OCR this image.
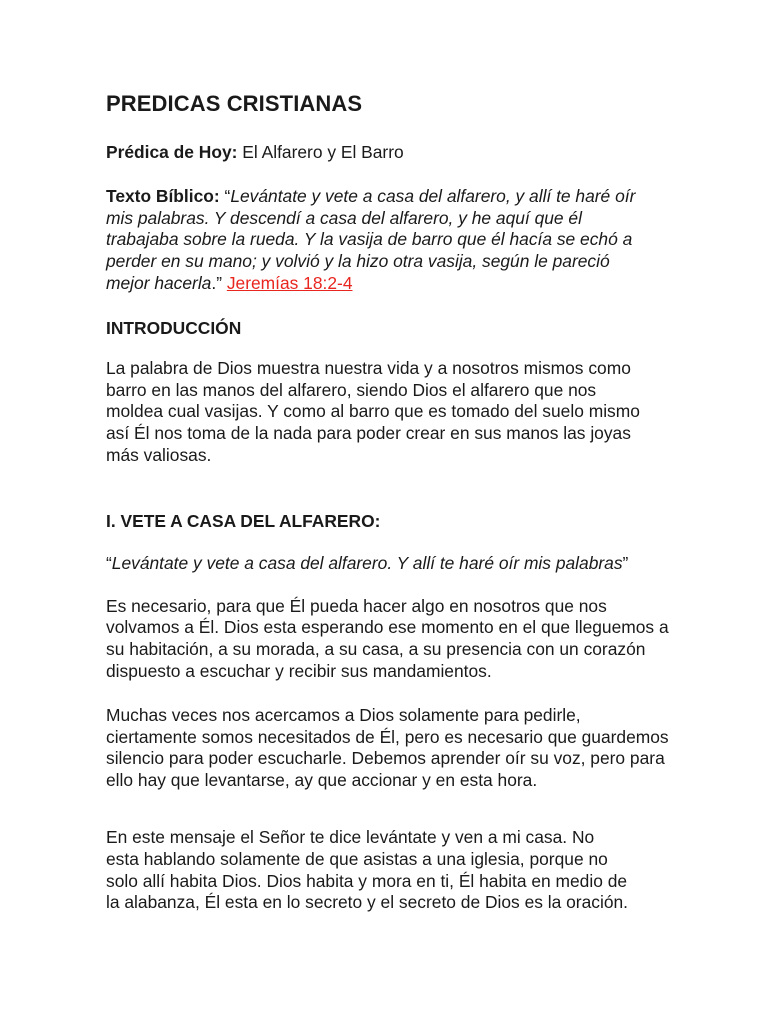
PREDICAS CRISTIANAS

Prédica de Hoy: El Alfarero y El Barro

Texto Bíblico: “Levántate y vete a casa del alfarero, y allí te haré oír mis palabras. Y descendí a casa del alfarero, y he aquí que él trabajaba sobre la rueda. Y la vasija de barro que él hacía se echó a perder en su mano; y volvió y la hizo otra vasija, según le pareció mejor hacerla.” Jeremías 18:2-4

INTRODUCCIÓN

La palabra de Dios muestra nuestra vida y a nosotros mismos como barro en las manos del alfarero, siendo Dios el alfarero que nos moldea cual vasijas. Y como al barro que es tomado del suelo mismo así Él nos toma de la nada para poder crear en sus manos las joyas más valiosas.

I. VETE A CASA DEL ALFARERO:

“Levántate y vete a casa del alfarero. Y allí te haré oír mis palabras”

Es necesario, para que Él pueda hacer algo en nosotros que nos volvamos a Él. Dios esta esperando ese momento en el que lleguemos a su habitación, a su morada, a su casa, a su presencia con un corazón dispuesto a escuchar y recibir sus mandamientos.

Muchas veces nos acercamos a Dios solamente para pedirle, ciertamente somos necesitados de Él, pero es necesario que guardemos silencio para poder escucharle. Debemos aprender oír su voz, pero para ello hay que levantarse, ay que accionar y en esta hora.

En este mensaje el Señor te dice levántate y ven a mi casa. No esta hablando solamente de que asistas a una iglesia, porque no solo allí habita Dios. Dios habita y mora en ti, Él habita en medio de la alabanza, Él esta en lo secreto y el secreto de Dios es la oración.
